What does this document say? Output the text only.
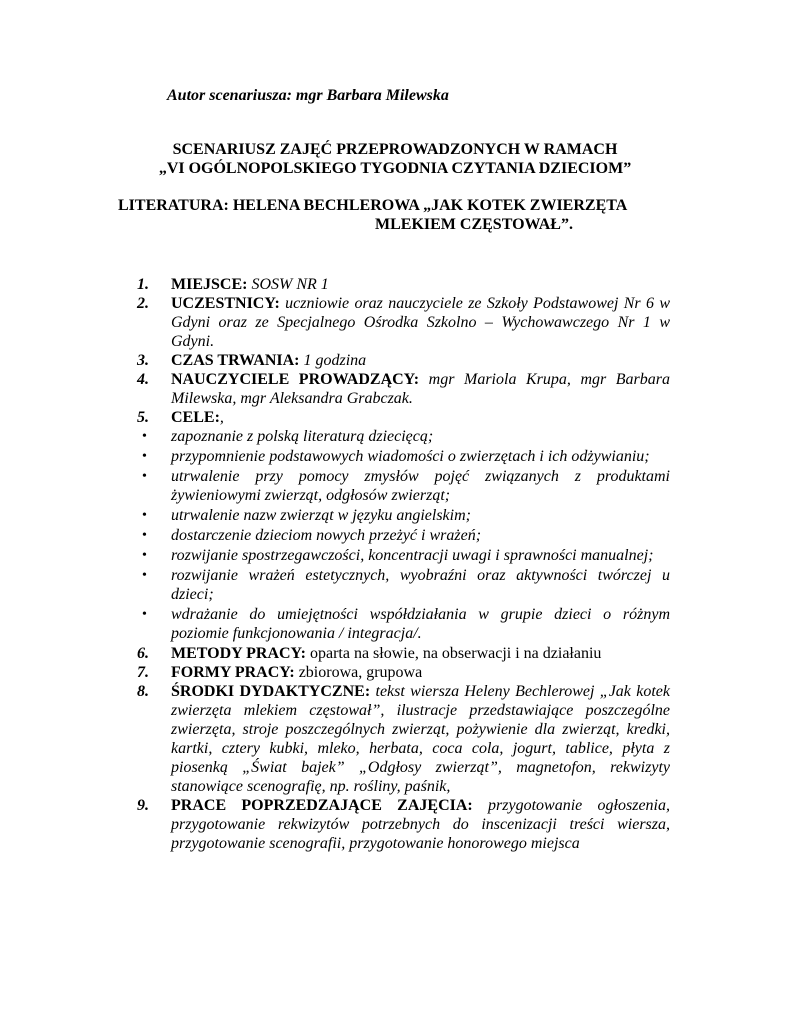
Autor scenariusza: mgr Barbara Milewska
SCENARIUSZ ZAJĘĆ PRZEPROWADZONYCH W RAMACH
„VI OGÓLNOPOLSKIEGO TYGODNIA CZYTANIA DZIECIOM”
LITERATURA: HELENA BECHLEROWA „JAK KOTEK ZWIERZĘTA
MLEKIEM CZĘSTOWAŁ”.
1. MIEJSCE: SOSW NR 1
2. UCZESTNICY: uczniowie oraz nauczyciele ze Szkoły Podstawowej Nr 6 w Gdyni oraz ze Specjalnego Ośrodka Szkolno – Wychowawczego Nr 1 w Gdyni.
3. CZAS TRWANIA: 1 godzina
4. NAUCZYCIELE PROWADZĄCY: mgr Mariola Krupa, mgr Barbara Milewska, mgr Aleksandra Grabczak.
5. CELE:,
• zapoznanie z polską literaturą dziecięcą;
• przypomnienie podstawowych wiadomości o zwierzętach i ich odżywianiu;
• utrwalenie przy pomocy zmysłów pojęć związanych z produktami żywieniowymi zwierząt, odgłosów zwierząt;
• utrwalenie nazw zwierząt w języku angielskim;
• dostarczenie dzieciom nowych przeżyć i wrażeń;
• rozwijanie spostrzegawczości, koncentracji uwagi i sprawności manualnej;
• rozwijanie wrażeń estetycznych, wyobraźni oraz aktywności twórczej u dzieci;
• wdrażanie do umiejętności współdziałania w grupie dzieci o różnym poziomie funkcjonowania / integracja/.
6. METODY PRACY: oparta na słowie, na obserwacji i na działaniu
7. FORMY PRACY: zbiorowa, grupowa
8. ŚRODKI DYDAKTYCZNE: tekst wiersza Heleny Bechlerowej „Jak kotek zwierzęta mlekiem częstował”, ilustracje przedstawiające poszczególne zwierzęta, stroje poszczególnych zwierząt, pożywienie dla zwierząt, kredki, kartki, cztery kubki, mleko, herbata, coca cola, jogurt, tablice, płyta z piosenką „Świat bajek” „Odgłosy zwierząt”, magnetofon, rekwizyty stanowiące scenografię, np. rośliny, paśnik,
9. PRACE POPRZEDZAJĄCE ZAJĘCIA: przygotowanie ogłoszenia, przygotowanie rekwizytów potrzebnych do inscenizacji treści wiersza, przygotowanie scenografii, przygotowanie honorowego miejsca
